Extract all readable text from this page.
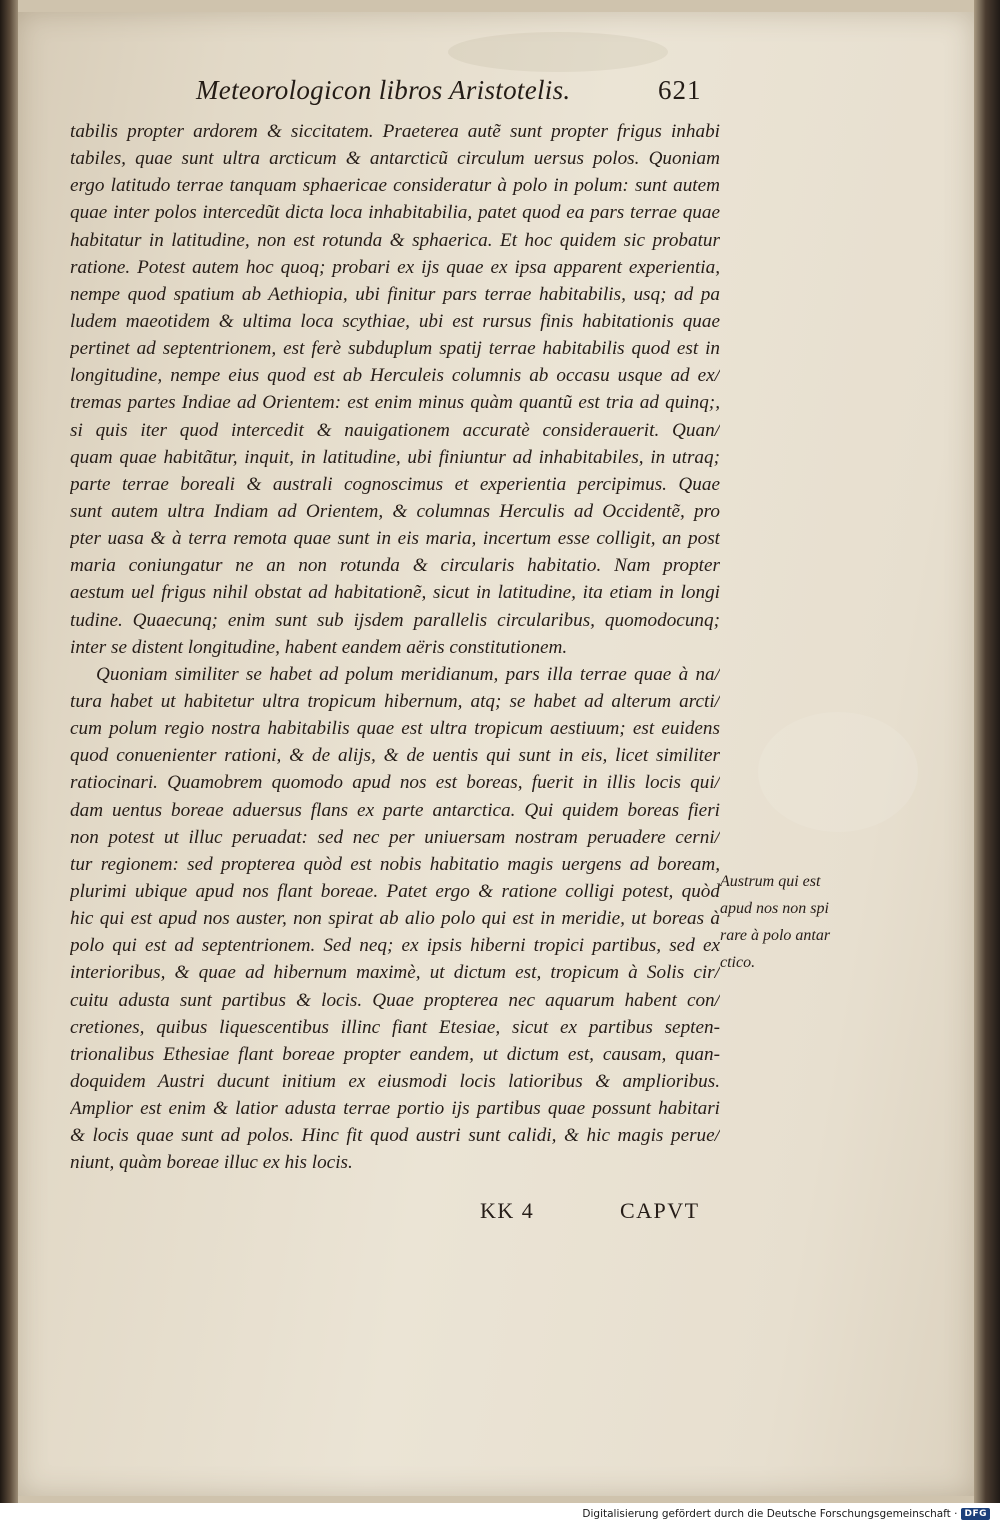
Meteorologicon libros Aristotelis.	621
tabilis propter ardorem & siccitatem. Praeterea autẽ sunt propter frigus inhabi
tabiles, quae sunt ultra arcticum & antarcticũ circulum uersus polos. Quoniam
ergo latitudo terrae tanquam sphaericae consideratur à polo in polum: sunt autem
quae inter polos intercedũt dicta loca inhabitabilia, patet quod ea pars terrae quae
habitatur in latitudine, non est rotunda & sphaerica. Et hoc quidem sic probatur
ratione. Potest autem hoc quoq; probari ex ijs quae ex ipsa apparent experientia,
nempe quod spatium ab Aethiopia, ubi finitur pars terrae habitabilis, usq; ad pa
ludem maeotidem & ultima loca scythiae, ubi est rursus finis habitationis quae
pertinet ad septentrionem, est ferè subduplum spatij terrae habitabilis quod est in
longitudine, nempe eius quod est ab Herculeis columnis ab occasu usque ad ex/
tremas partes Indiae ad Orientem: est enim minus quàm quantũ est tria ad quinq;,
si quis iter quod intercedit & nauigationem accuratè considerauerit. Quan/
quam quae habitãtur, inquit, in latitudine, ubi finiuntur ad inhabitabiles, in utraq;
parte terrae boreali & australi cognoscimus et experientia percipimus. Quae
sunt autem ultra Indiam ad Orientem, & columnas Herculis ad Occidentẽ, pro
pter uasa & à terra remota quae sunt in eis maria, incertum esse colligit, an post
maria coniungatur ne an non rotunda & circularis habitatio. Nam propter
aestum uel frigus nihil obstat ad habitationẽ, sicut in latitudine, ita etiam in longi
tudine. Quaecunq; enim sunt sub ijsdem parallelis circularibus, quomodocunq;
inter se distent longitudine, habent eandem aëris constitutionem.
Quoniam similiter se habet ad polum meridianum, pars illa terrae quae à na/
tura habet ut habitetur ultra tropicum hibernum, atq; se habet ad alterum arcti/
cum polum regio nostra habitabilis quae est ultra tropicum aestiuum; est euidens
quod conuenienter rationi, & de alijs, & de uentis qui sunt in eis, licet similiter
ratiocinari. Quamobrem quomodo apud nos est boreas, fuerit in illis locis qui/
dam uentus boreae aduersus flans ex parte antarctica. Qui quidem boreas fieri
non potest ut illuc peruadat: sed nec per uniuersam nostram peruadere cerni/
tur regionem: sed propterea quòd est nobis habitatio magis uergens ad boream,
plurimi ubique apud nos flant boreae. Patet ergo & ratione colligi potest, quòd
hic qui est apud nos auster, non spirat ab alio polo qui est in meridie, ut boreas à
polo qui est ad septentrionem. Sed neq; ex ipsis hiberni tropici partibus, sed ex
interioribus, & quae ad hibernum maximè, ut dictum est, tropicum à Solis cir/
cuitu adusta sunt partibus & locis. Quae propterea nec aquarum habent con/
cretiones, quibus liquescentibus illinc fiant Etesiae, sicut ex partibus septen-
trionalibus Ethesiae flant boreae propter eandem, ut dictum est, causam, quan-
doquidem Austri ducunt initium ex eiusmodi locis latioribus & amplioribus.
Amplior est enim & latior adusta terrae portio ijs partibus quae possunt habitari
& locis quae sunt ad polos. Hinc fit quod austri sunt calidi, & hic magis perue/
niunt, quàm boreae illuc ex his locis.
Austrum qui est
apud nos non spi
rare à polo antar
ctico.
KK 4	CAPVT
Digitalisierung gefördert durch die Deutsche Forschungsgemeinschaft · DFG
